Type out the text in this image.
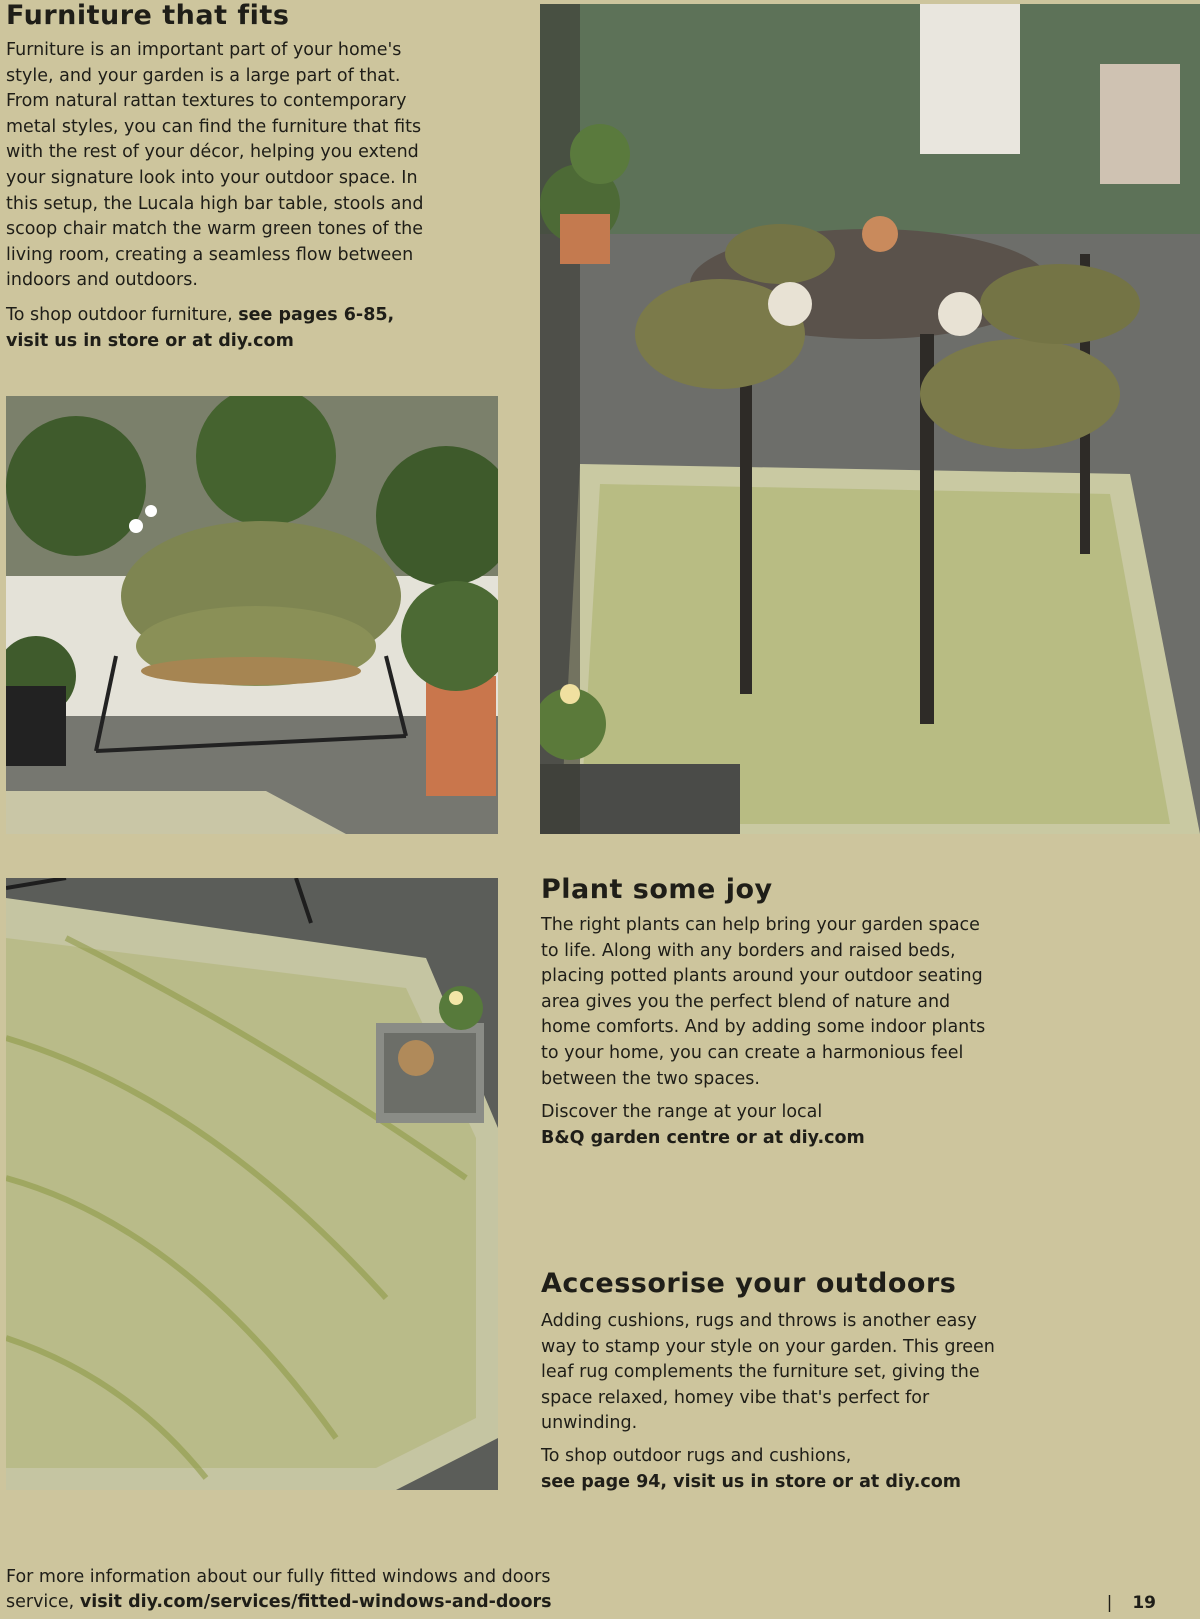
Furniture that fits
Furniture is an important part of your home's style, and your garden is a large part of that. From natural rattan textures to contemporary metal styles, you can find the furniture that fits with the rest of your décor, helping you extend your signature look into your outdoor space. In this setup, the Lucala high bar table, stools and scoop chair match the warm green tones of the living room, creating a seamless flow between indoors and outdoors.
To shop outdoor furniture, see pages 6-85,
visit us in store or at diy.com
Plant some joy
The right plants can help bring your garden space to life. Along with any borders and raised beds, placing potted plants around your outdoor seating area gives you the perfect blend of nature and home comforts. And by adding some indoor plants to your home, you can create a harmonious feel between the two spaces.
Discover the range at your local
B&Q garden centre or at diy.com
Accessorise your outdoors
Adding cushions, rugs and throws is another easy way to stamp your style on your garden. This green leaf rug complements the furniture set, giving the space relaxed, homey vibe that's perfect for unwinding.
To shop outdoor rugs and cushions,
see page 94, visit us in store or at diy.com
For more information about our fully fitted windows and doors
service, visit diy.com/services/fitted-windows-and-doors	| 19
